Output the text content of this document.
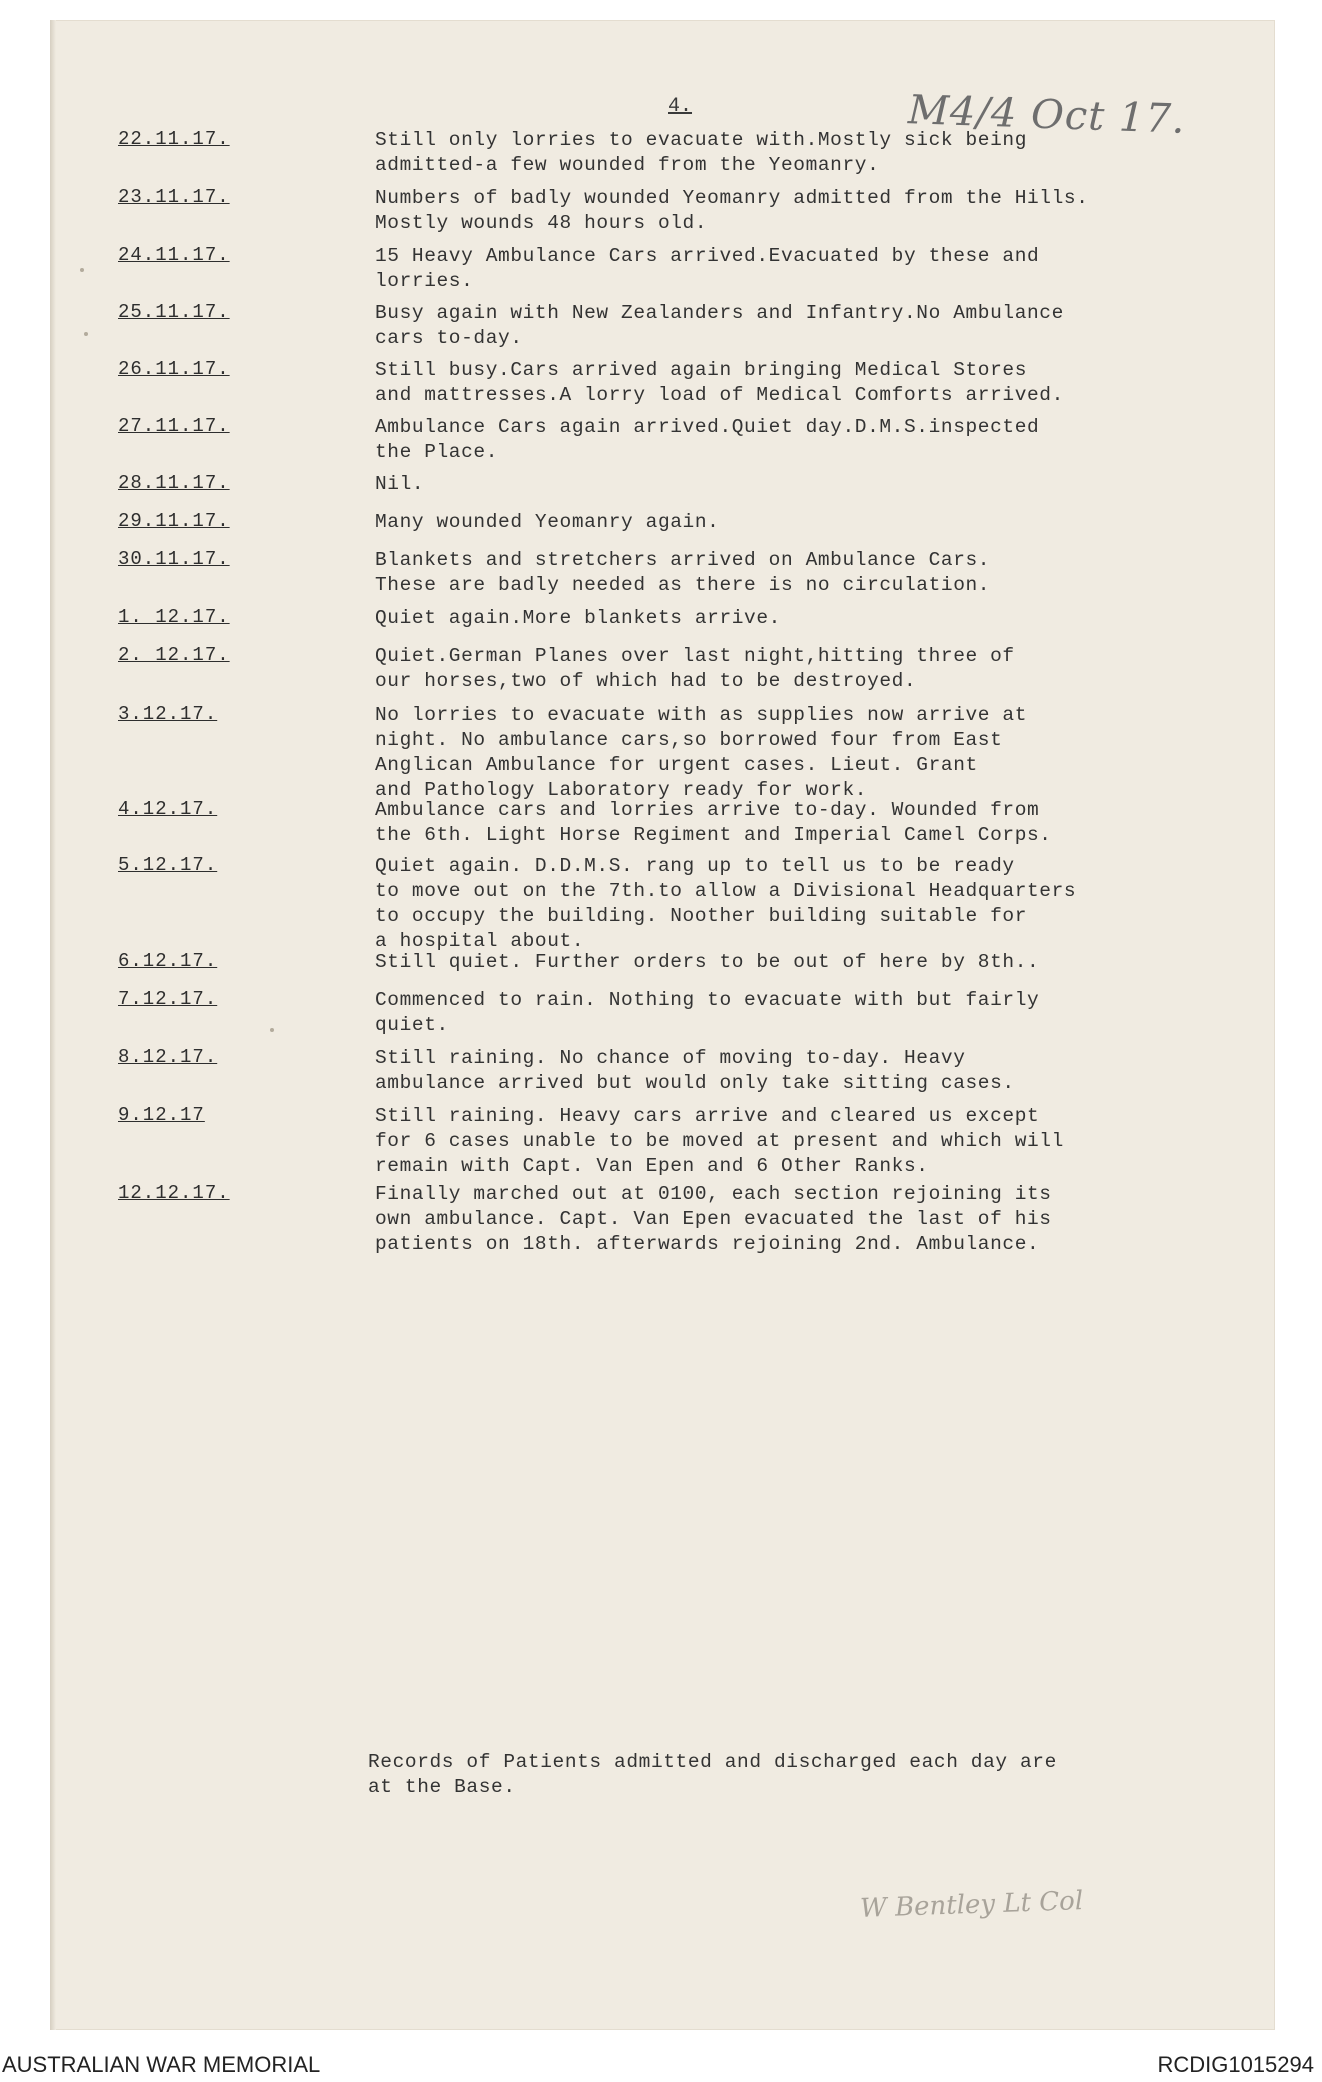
4.	M4/4 Oct 17.
22.11.17.	Still only lorries to evacuate with.Mostly sick being
admitted-a few wounded from the Yeomanry.
23.11.17.	Numbers of badly wounded Yeomanry admitted from the Hills.
Mostly wounds 48 hours old.
24.11.17.	15 Heavy Ambulance Cars arrived.Evacuated by these and
lorries.
25.11.17.	Busy again with New Zealanders and Infantry.No Ambulance
cars to-day.
26.11.17.	Still busy.Cars arrived again bringing Medical Stores
and mattresses.A lorry load of Medical Comforts arrived.
27.11.17.	Ambulance Cars again arrived.Quiet day.D.M.S.inspected
the Place.
28.11.17.	Nil.
29.11.17.	Many wounded Yeomanry again.
30.11.17.	Blankets and stretchers arrived on Ambulance Cars.
These are badly needed as there is no circulation.
1. 12.17.	Quiet again.More blankets arrive.
2. 12.17.	Quiet.German Planes over last night,hitting three of
our horses,two of which had to be destroyed.
3.12.17.	No lorries to evacuate with as supplies now arrive at
night. No ambulance cars,so borrowed four from East
Anglican Ambulance for urgent cases. Lieut. Grant
and Pathology Laboratory ready for work.
4.12.17.	Ambulance cars and lorries arrive to-day. Wounded from
the 6th. Light Horse Regiment and Imperial Camel Corps.
5.12.17.	Quiet again. D.D.M.S. rang up to tell us to be ready
to move out on the 7th.to allow a Divisional Headquarters
to occupy the building. Noother building suitable for
a hospital about.
6.12.17.	Still quiet. Further orders to be out of here by 8th..
7.12.17.	Commenced to rain. Nothing to evacuate with but fairly
quiet.
8.12.17.	Still raining. No chance of moving to-day. Heavy
ambulance arrived but would only take sitting cases.
9.12.17	Still raining. Heavy cars arrive and cleared us except
for 6 cases unable to be moved at present and which will
remain with Capt. Van Epen and 6 Other Ranks.
12.12.17.	Finally marched out at 0100, each section rejoining its
own ambulance. Capt. Van Epen evacuated the last of his
patients on 18th. afterwards rejoining 2nd. Ambulance.
Records of Patients admitted and discharged each day are
at the Base.
W Bentley Lt Col
AUSTRALIAN WAR MEMORIAL	RCDIG1015294
